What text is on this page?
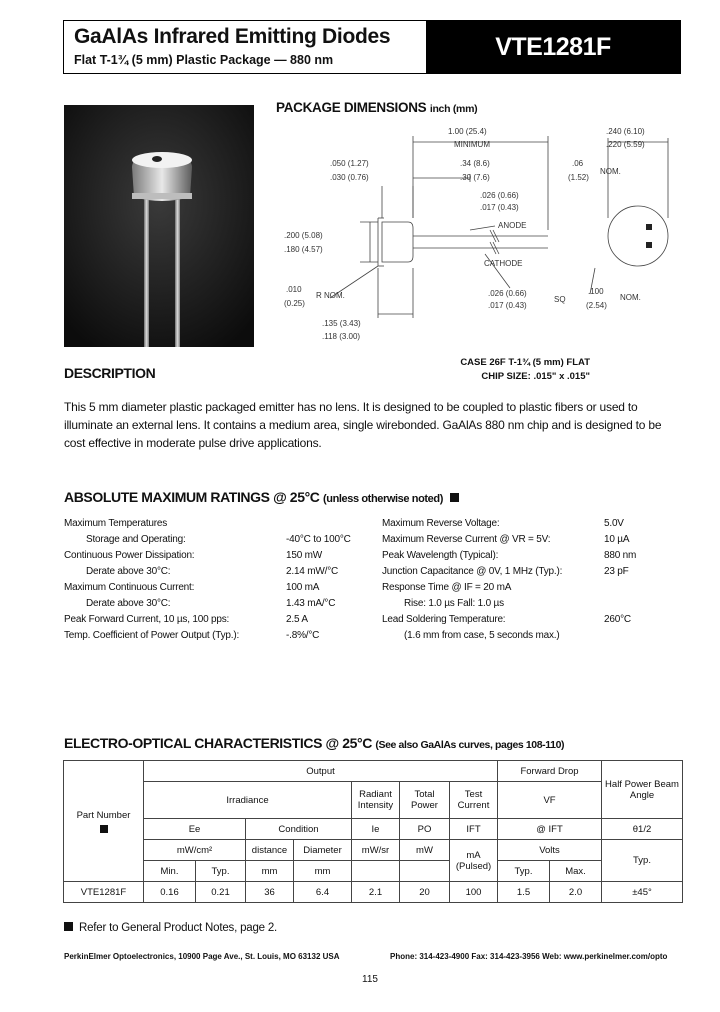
GaAlAs Infrared Emitting Diodes
Flat T-1¾ (5 mm) Plastic Package — 880 nm	VTE1281F
PACKAGE DIMENSIONS inch (mm)
1.00 (25.4)
MINIMUM
.240 (6.10)
.220 (5.59)
.050 (1.27)
.030 (0.76)
.34 (8.6)
.30 (7.6)
.06
(1.52)
NOM.
.026 (0.66)
.017 (0.43)
ANODE
CATHODE
.200 (5.08)
.180 (4.57)
.010
(0.25)
R NOM.	.026 (0.66)
.017 (0.43)
SQ
.100
(2.54)
NOM.
.135 (3.43)
.118 (3.00)
CASE 26F T-1¾ (5 mm) FLAT
CHIP SIZE: .015" x .015"
DESCRIPTION
This 5 mm diameter plastic packaged emitter has no lens. It is designed to be coupled to plastic fibers or used to illuminate an external lens. It contains a medium area, single wirebonded. GaAlAs 880 nm chip and is designed to be cost effective in moderate pulse drive applications.
ABSOLUTE MAXIMUM RATINGS @ 25°C (unless otherwise noted)
Maximum Temperatures
Storage and Operating:	-40°C to 100°C
Continuous Power Dissipation:	150 mW
Derate above 30°C:	2.14 mW/°C
Maximum Continuous Current:	100 mA
Derate above 30°C:	1.43 mA/°C
Peak Forward Current, 10 µs, 100 pps:	2.5 A
Temp. Coefficient of Power Output (Typ.):	-.8%/°C
Maximum Reverse Voltage:	5.0V
Maximum Reverse Current @ VR = 5V:	10 µA
Peak Wavelength (Typical):	880 nm
Junction Capacitance @ 0V, 1 MHz (Typ.):	23 pF
Response Time @ IF = 20 mA
Rise: 1.0 µs Fall: 1.0 µs
Lead Soldering Temperature:	260°C
(1.6 mm from case, 5 seconds max.)
ELECTRO-OPTICAL CHARACTERISTICS @ 25°C (See also GaAlAs curves, pages 108-110)
Part Number	Output							Forward Drop		Half Power Beam Angle
	Irradiance				Radiant Intensity	Total Power	Test Current	VF		
	Ee		Condition		Ie	PO	IFT	@ IFT		θ1/2
	mW/cm²		distance	Diameter	mW/sr	mW	mA (Pulsed)	Volts		Typ.
	Min.	Typ.	mm	mm				Typ.	Max.	
VTE1281F	0.16	0.21	36	6.4	2.1	20	100	1.5	2.0	±45°
Refer to General Product Notes, page 2.
PerkinElmer Optoelectronics, 10900 Page Ave., St. Louis, MO 63132 USA	Phone: 314-423-4900 Fax: 314-423-3956 Web: www.perkinelmer.com/opto
115
